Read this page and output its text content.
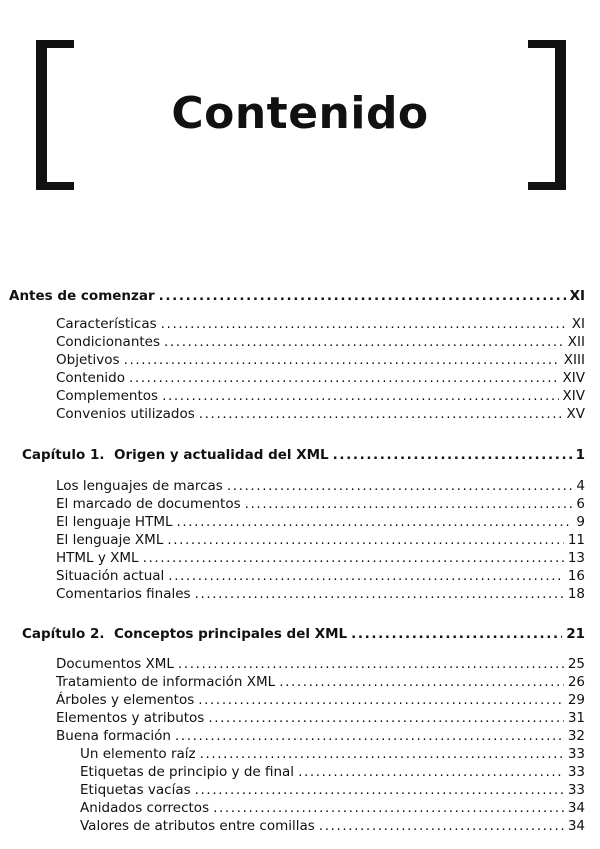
Contenido
Antes de comenzar .....	XI
Características .....	XI
Condicionantes .....	XII
Objetivos .....	XIII
Contenido .....	XIV
Complementos .....	XIV
Convenios utilizados .....	XV
Capítulo 1. Origen y actualidad del XML .....	1
Los lenguajes de marcas .....	4
El marcado de documentos .....	6
El lenguaje HTML .....	9
El lenguaje XML .....	11
HTML y XML .....	13
Situación actual .....	16
Comentarios finales .....	18
Capítulo 2. Conceptos principales del XML .....	21
Documentos XML .....	25
Tratamiento de información XML .....	26
Árboles y elementos .....	29
Elementos y atributos .....	31
Buena formación .....	32
Un elemento raíz .....	33
Etiquetas de principio y de final .....	33
Etiquetas vacías .....	33
Anidados correctos .....	34
Valores de atributos entre comillas .....	34
